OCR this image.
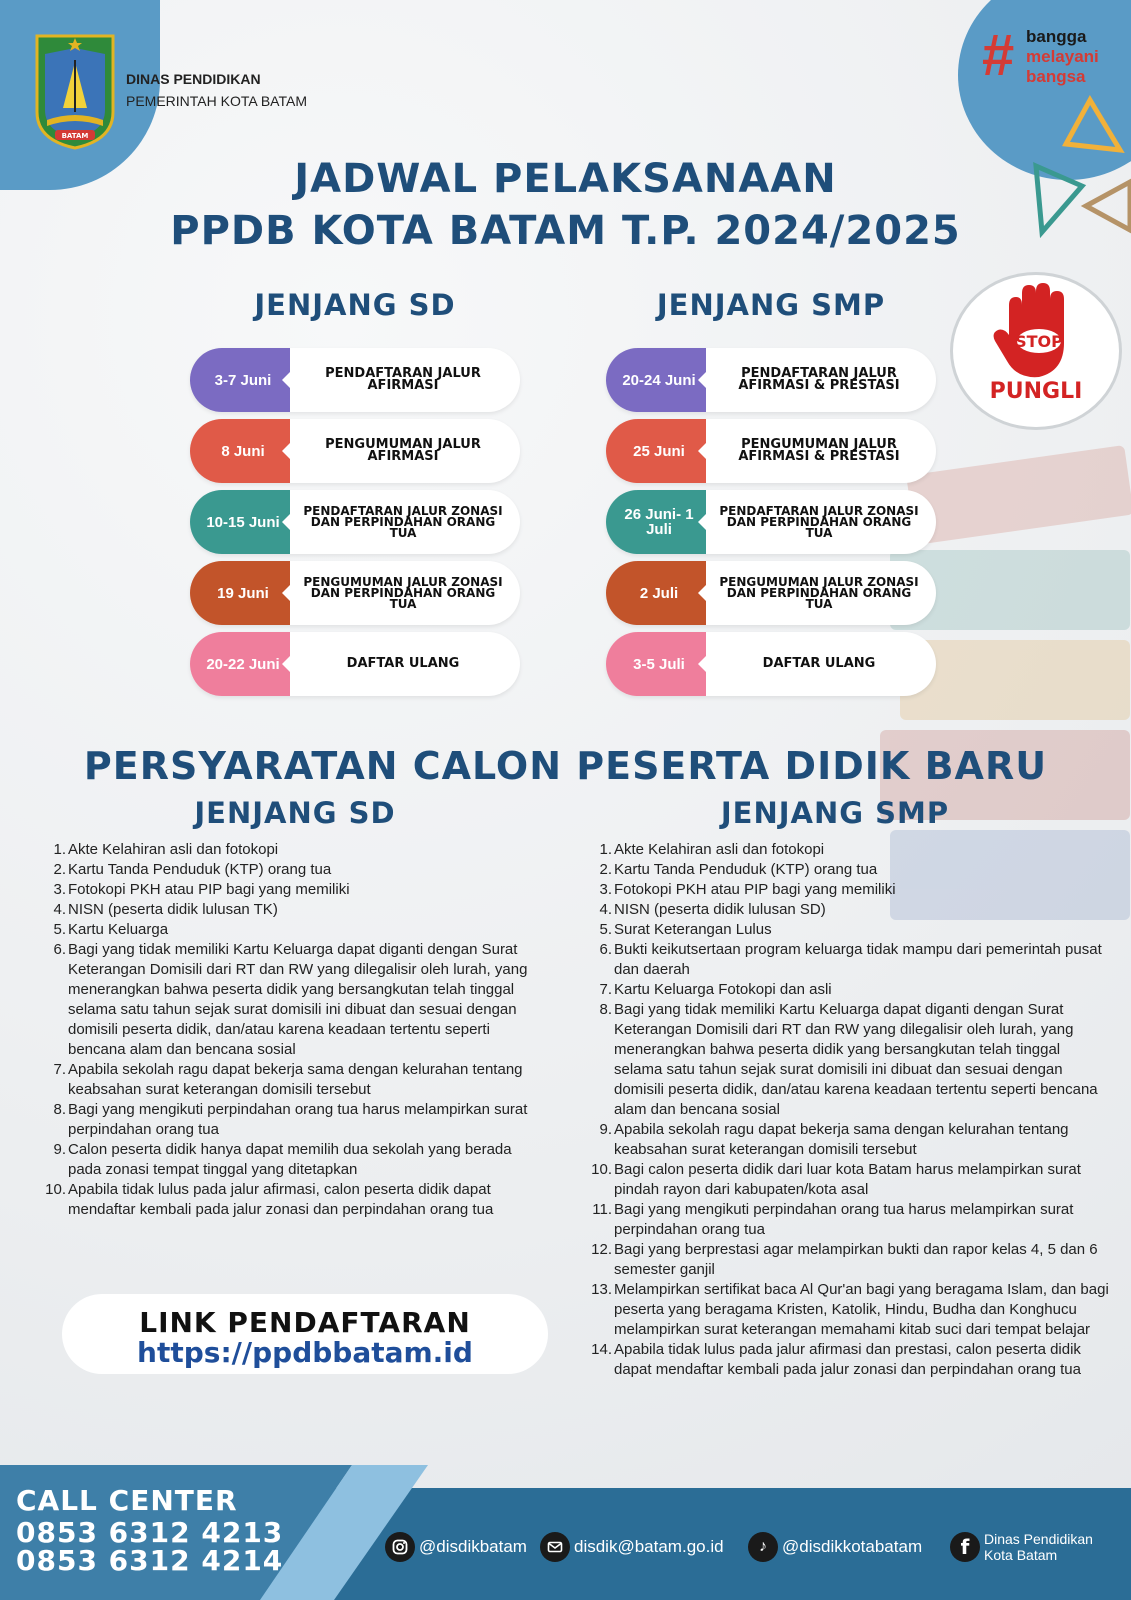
BATAM
DINAS PENDIDIKAN
PEMERINTAH KOTA BATAM
# bangga
melayani
bangsa
JADWAL PELAKSANAAN
PPDB KOTA BATAM T.P. 2024/2025
STOP
PUNGLI
JENJANG SD	JENJANG SMP
3-7 Juni	PENDAFTARAN JALUR AFIRMASI
8 Juni	PENGUMUMAN JALUR AFIRMASI
10-15 Juni
PENDAFTARAN JALUR ZONASI DAN PERPINDAHAN ORANG TUA
19 Juni
PENGUMUMAN JALUR ZONASI DAN PERPINDAHAN ORANG TUA
20-22 Juni	DAFTAR ULANG
20-24 Juni	PENDAFTARAN JALUR AFIRMASI & PRESTASI
25 Juni	PENGUMUMAN JALUR AFIRMASI & PRESTASI
26 Juni- 1 Juli
PENDAFTARAN JALUR ZONASI DAN PERPINDAHAN ORANG TUA
2 Juli
PENGUMUMAN JALUR ZONASI DAN PERPINDAHAN ORANG TUA
3-5 Juli	DAFTAR ULANG
PERSYARATAN CALON PESERTA DIDIK BARU
JENJANG SD	JENJANG SMP
1. Akte Kelahiran asli dan fotokopi
2. Kartu Tanda Penduduk (KTP) orang tua
3. Fotokopi PKH atau PIP bagi yang memiliki
4. NISN (peserta didik lulusan TK)
5. Kartu Keluarga
6. Bagi yang tidak memiliki Kartu Keluarga dapat diganti dengan Surat Keterangan Domisili dari RT dan RW yang dilegalisir oleh lurah, yang menerangkan bahwa peserta didik yang bersangkutan telah tinggal selama satu tahun sejak surat domisili ini dibuat dan sesuai dengan domisili peserta didik, dan/atau karena keadaan tertentu seperti bencana alam dan bencana sosial
7. Apabila sekolah ragu dapat bekerja sama dengan kelurahan tentang keabsahan surat keterangan domisili tersebut
8. Bagi yang mengikuti perpindahan orang tua harus melampirkan surat perpindahan orang tua
9. Calon peserta didik hanya dapat memilih dua sekolah yang berada pada zonasi tempat tinggal yang ditetapkan
10. Apabila tidak lulus pada jalur afirmasi, calon peserta didik dapat mendaftar kembali pada jalur zonasi dan perpindahan orang tua
1. Akte Kelahiran asli dan fotokopi
2. Kartu Tanda Penduduk (KTP) orang tua
3. Fotokopi PKH atau PIP bagi yang memiliki
4. NISN (peserta didik lulusan SD)
5. Surat Keterangan Lulus
6. Bukti keikutsertaan program keluarga tidak mampu dari pemerintah pusat dan daerah
7. Kartu Keluarga Fotokopi dan asli
8. Bagi yang tidak memiliki Kartu Keluarga dapat diganti dengan Surat Keterangan Domisili dari RT dan RW yang dilegalisir oleh lurah, yang menerangkan bahwa peserta didik yang bersangkutan telah tinggal selama satu tahun sejak surat domisili ini dibuat dan sesuai dengan domisili peserta didik, dan/atau karena keadaan tertentu seperti bencana alam dan bencana sosial
9. Apabila sekolah ragu dapat bekerja sama dengan kelurahan tentang keabsahan surat keterangan domisili tersebut
10. Bagi calon peserta didik dari luar kota Batam harus melampirkan surat pindah rayon dari kabupaten/kota asal
11. Bagi yang mengikuti perpindahan orang tua harus melampirkan surat perpindahan orang tua
12. Bagi yang berprestasi agar melampirkan bukti dan rapor kelas 4, 5 dan 6 semester ganjil
13. Melampirkan sertifikat baca Al Qur'an bagi yang beragama Islam, dan bagi peserta yang beragama Kristen, Katolik, Hindu, Budha dan Konghucu melampirkan surat keterangan memahami kitab suci dari tempat belajar
14. Apabila tidak lulus pada jalur afirmasi dan prestasi, calon peserta didik dapat mendaftar kembali pada jalur zonasi dan perpindahan orang tua
LINK PENDAFTARAN
https://ppdbbatam.id
CALL CENTER
0853 6312 4213
0853 6312 4214	@disdikbatam	disdik@batam.go.id	♪ @disdikkotabatam	f	Dinas Pendidikan
Kota Batam
